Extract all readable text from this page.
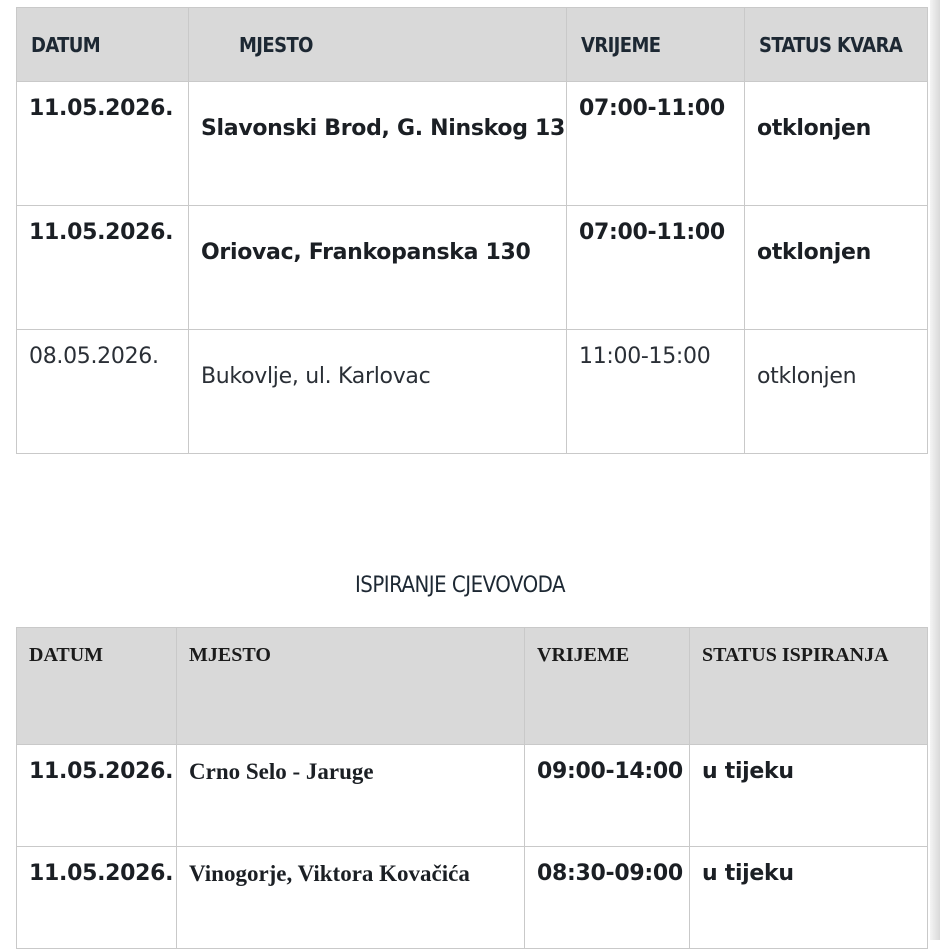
DATUM	MJESTO	VRIJEME	STATUS KVARA

11.05.2026.	Slavonski Brod, G. Ninskog 13	07:00-11:00	otklonjen

11.05.2026.	Oriovac, Frankopanska 130	07:00-11:00	otklonjen

08.05.2026.	Bukovlje, ul. Karlovac	11:00-15:00	otklonjen
ISPIRANJE CJEVOVODA
DATUM	MJESTO	VRIJEME	STATUS ISPIRANJA

11.05.2026.	Crno Selo - Jaruge	09:00-14:00	u tijeku

11.05.2026.	Vinogorje, Viktora Kovačića	08:30-09:00	u tijeku
